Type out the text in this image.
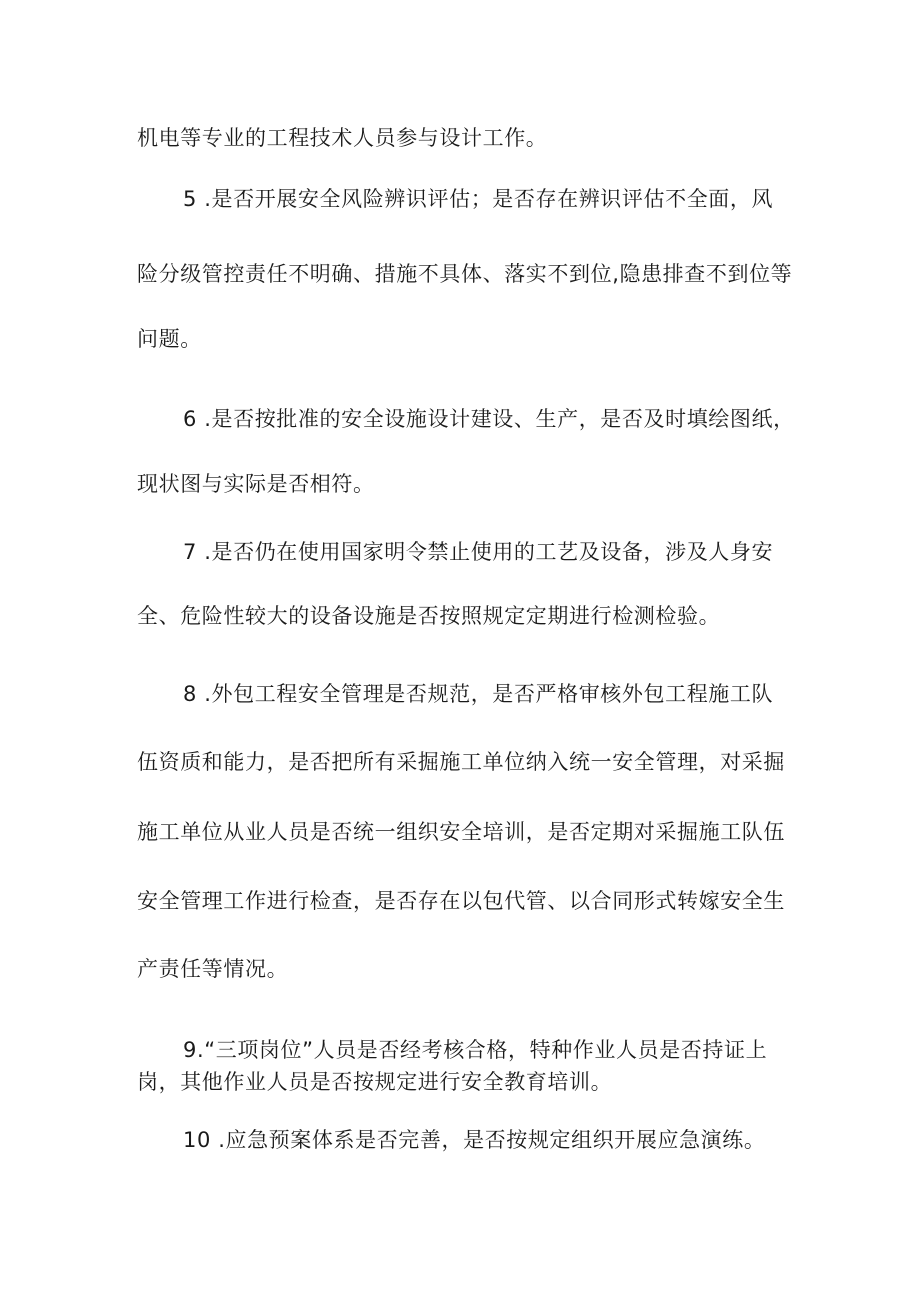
机电等专业的工程技术人员参与设计工作。
5 .是否开展安全风险辨识评估；是否存在辨识评估不全面，风
险分级管控责任不明确、措施不具体、落实不到位,隐患排查不到位等
问题。
6 .是否按批准的安全设施设计建设、生产，是否及时填绘图纸，
现状图与实际是否相符。
7 .是否仍在使用国家明令禁止使用的工艺及设备，涉及人身安
全、危险性较大的设备设施是否按照规定定期进行检测检验。
8 .外包工程安全管理是否规范，是否严格审核外包工程施工队
伍资质和能力，是否把所有采掘施工单位纳入统一安全管理，对采掘
施工单位从业人员是否统一组织安全培训，是否定期对采掘施工队伍
安全管理工作进行检查，是否存在以包代管、以合同形式转嫁安全生
产责任等情况。
9.“三项岗位”人员是否经考核合格，特种作业人员是否持证上
岗，其他作业人员是否按规定进行安全教育培训。
10 .应急预案体系是否完善，是否按规定组织开展应急演练。
